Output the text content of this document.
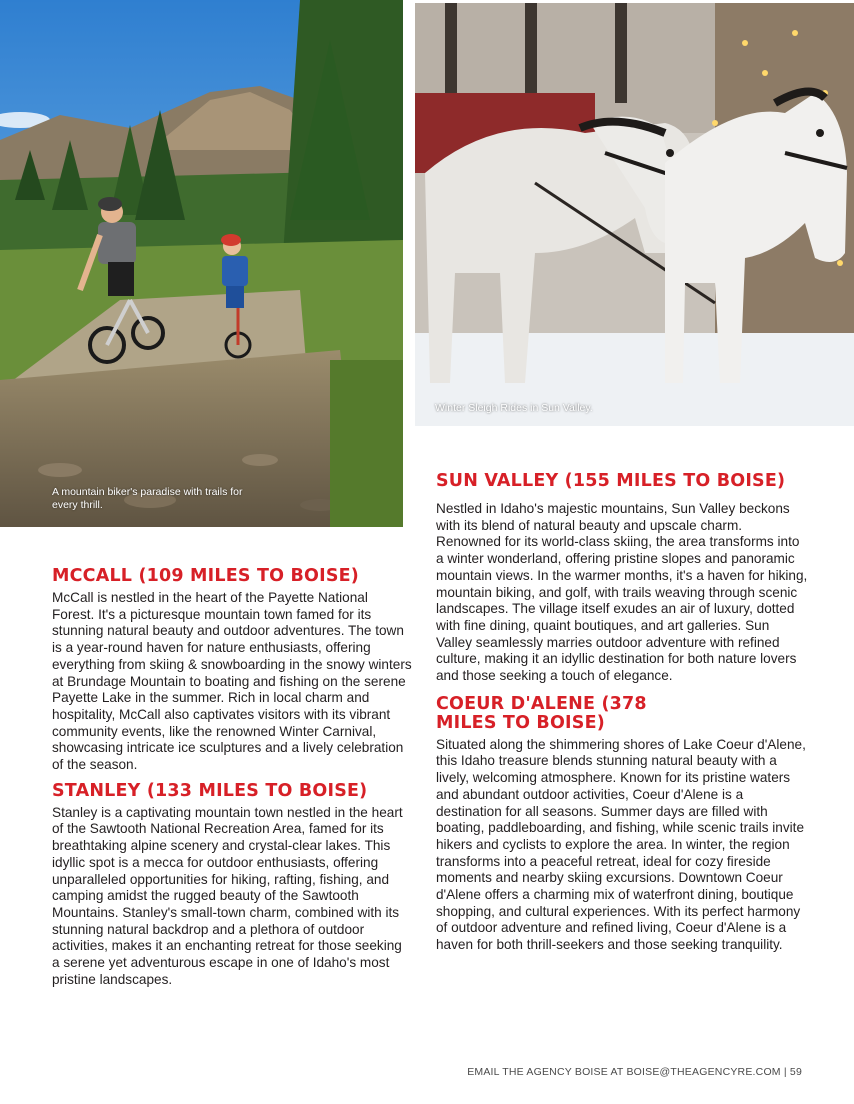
A mountain biker's paradise with trails for every thrill.
Winter Sleigh Rides in Sun Valley.
MCCALL (109 MILES TO BOISE)

McCall is nestled in the heart of the Payette National Forest. It's a picturesque mountain town famed for its stunning natural beauty and outdoor adventures. The town is a year-round haven for nature enthusiasts, offering everything from skiing & snowboarding in the snowy winters at Brundage Mountain to boating and fishing on the serene Payette Lake in the summer. Rich in local charm and hospitality, McCall also captivates visitors with its vibrant community events, like the renowned Winter Carnival, showcasing intricate ice sculptures and a lively celebration of the season.

STANLEY (133 MILES TO BOISE)

Stanley is a captivating mountain town nestled in the heart of the Sawtooth National Recreation Area, famed for its breathtaking alpine scenery and crystal-clear lakes. This idyllic spot is a mecca for outdoor enthusiasts, offering unparalleled opportunities for hiking, rafting, fishing, and camping amidst the rugged beauty of the Sawtooth Mountains. Stanley's small-town charm, combined with its stunning natural backdrop and a plethora of outdoor activities, makes it an enchanting retreat for those seeking a serene yet adventurous escape in one of Idaho's most pristine landscapes.

SUN VALLEY (155 MILES TO BOISE)

Nestled in Idaho's majestic mountains, Sun Valley beckons with its blend of natural beauty and upscale charm. Renowned for its world-class skiing, the area transforms into a winter wonderland, offering pristine slopes and panoramic mountain views. In the warmer months, it's a haven for hiking, mountain biking, and golf, with trails weaving through scenic landscapes. The village itself exudes an air of luxury, dotted with fine dining, quaint boutiques, and art galleries. Sun Valley seamlessly marries outdoor adventure with refined culture, making it an idyllic destination for both nature lovers and those seeking a touch of elegance.

COEUR D'ALENE (378 MILES TO BOISE)

Situated along the shimmering shores of Lake Coeur d'Alene, this Idaho treasure blends stunning natural beauty with a lively, welcoming atmosphere. Known for its pristine waters and abundant outdoor activities, Coeur d'Alene is a destination for all seasons. Summer days are filled with boating, paddleboarding, and fishing, while scenic trails invite hikers and cyclists to explore the area. In winter, the region transforms into a peaceful retreat, ideal for cozy fireside moments and nearby skiing excursions. Downtown Coeur d'Alene offers a charming mix of waterfront dining, boutique shopping, and cultural experiences. With its perfect harmony of outdoor adventure and refined living, Coeur d'Alene is a haven for both thrill-seekers and those seeking tranquility.

EMAIL THE AGENCY BOISE AT BOISE@THEAGENCYRE.COM | 59
